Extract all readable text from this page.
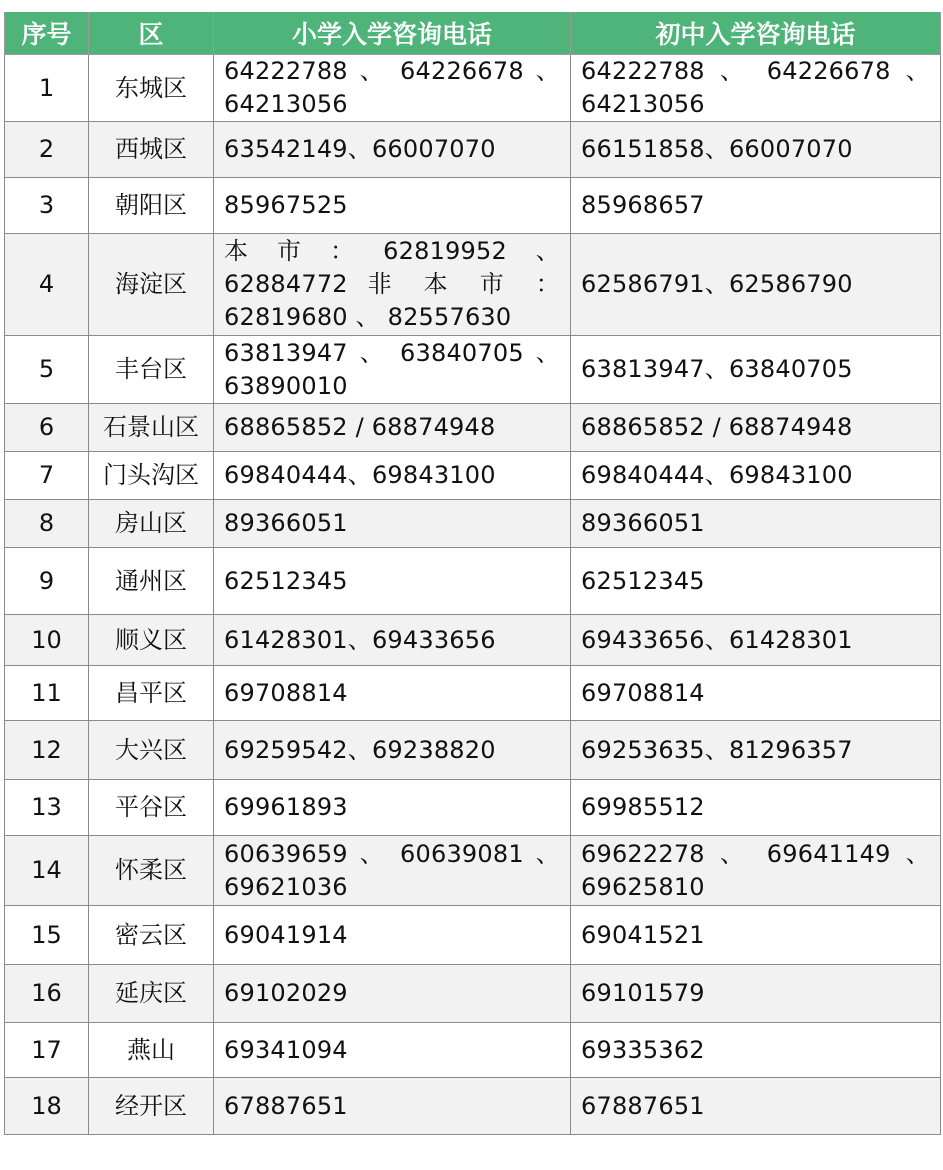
序号	区	小学入学咨询电话	初中入学咨询电话
1	东城区	64222788 、 64226678 、 64213056	64222788 、 64226678 、 64213056
2	西城区	63542149、66007070	66151858、66007070
3	朝阳区	85967525	85968657
4	海淀区	本市：62819952、62884772 非 本 市 ： 62819680 、 82557630	62586791、62586790
5	丰台区	63813947 、 63840705 、 63890010	63813947、63840705
6	石景山区	68865852 / 68874948	68865852 / 68874948
7	门头沟区	69840444、69843100	69840444、69843100
8	房山区	89366051	89366051
9	通州区	62512345	62512345
10	顺义区	61428301、69433656	69433656、61428301
11	昌平区	69708814	69708814
12	大兴区	69259542、69238820	69253635、81296357
13	平谷区	69961893	69985512
14	怀柔区	60639659 、 60639081 、 69621036	69622278 、 69641149 、 69625810
15	密云区	69041914	69041521
16	延庆区	69102029	69101579
17	燕山	69341094	69335362
18	经开区	67887651	67887651
